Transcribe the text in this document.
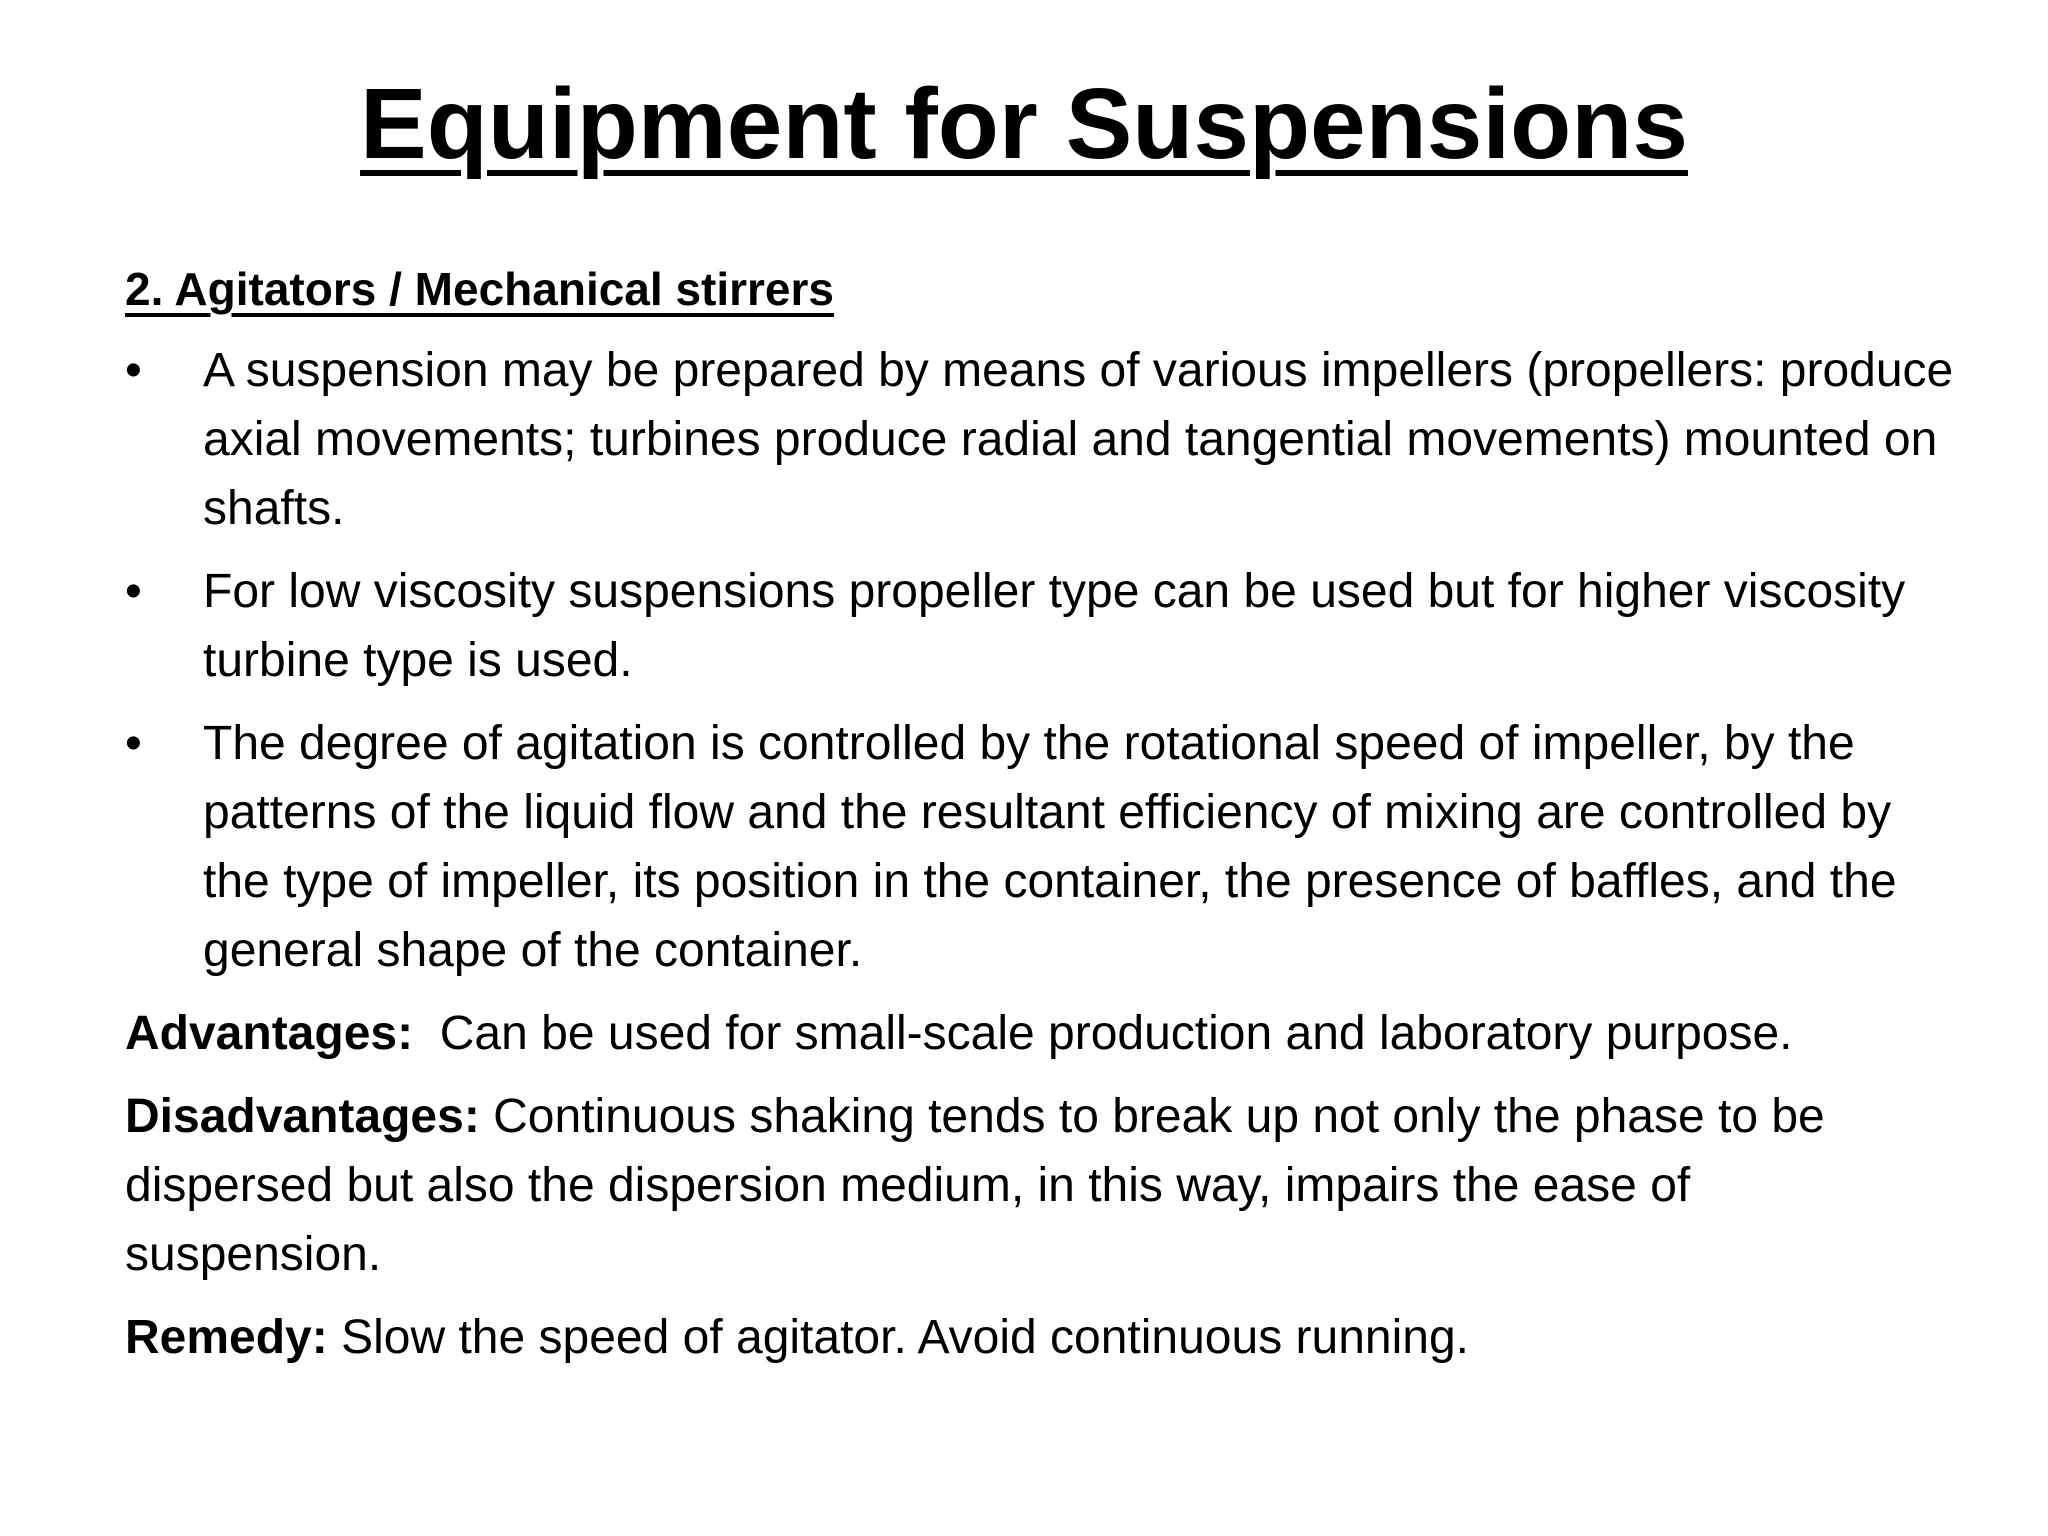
Equipment for Suspensions
2. Agitators / Mechanical stirrers
• A suspension may be prepared by means of various impellers (propellers: produce axial movements; turbines produce radial and tangential movements) mounted on shafts.
• For low viscosity suspensions propeller type can be used but for higher viscosity turbine type is used.
• The degree of agitation is controlled by the rotational speed of impeller, by the patterns of the liquid flow and the resultant efficiency of mixing are controlled by the type of impeller, its position in the container, the presence of baffles, and the general shape of the container.

Advantages: Can be used for small-scale production and laboratory purpose.

Disadvantages: Continuous shaking tends to break up not only the phase to be dispersed but also the dispersion medium, in this way, impairs the ease of suspension.

Remedy: Slow the speed of agitator. Avoid continuous running.
